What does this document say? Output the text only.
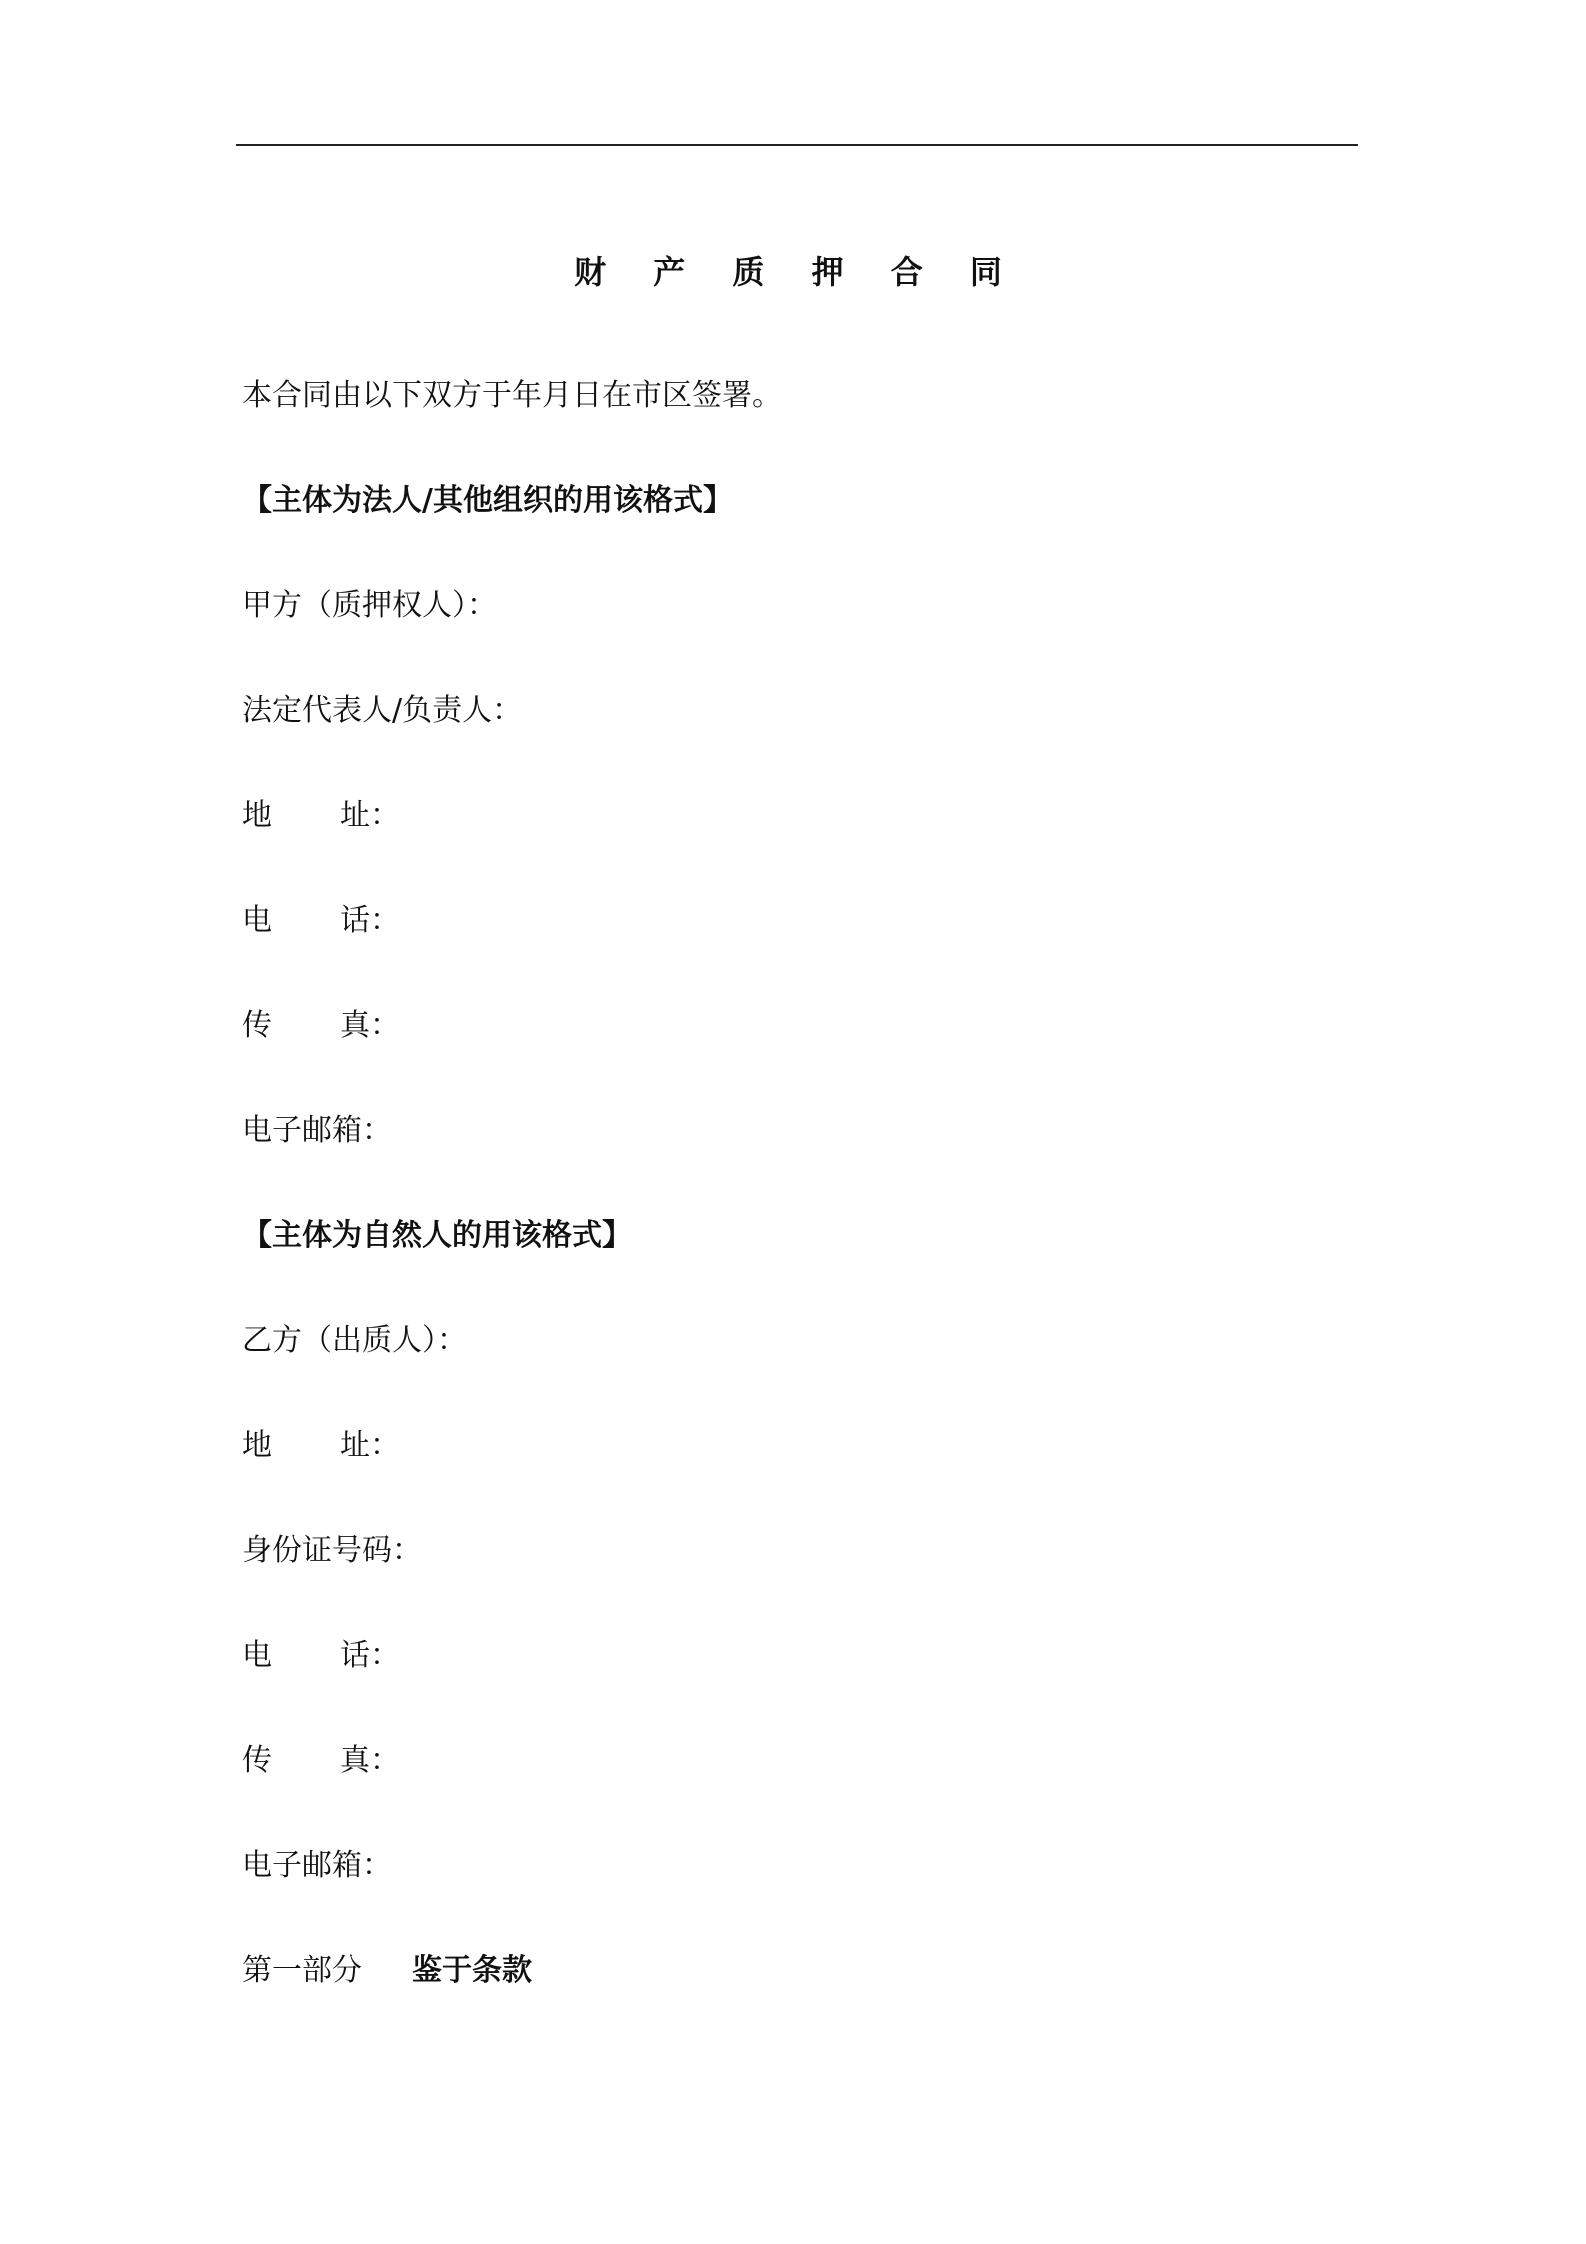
财 产 质 押 合 同
本合同由以下双方于年月日在市区签署。
【主体为法人/其他组织的用该格式】
甲方（质押权人）：
法定代表人/负责人：
地 址：
电 话：
传 真：
电子邮箱：
【主体为自然人的用该格式】
乙方（出质人）：
地 址：
身份证号码：
电 话：
传 真：
电子邮箱：
第一部分 鉴于条款
